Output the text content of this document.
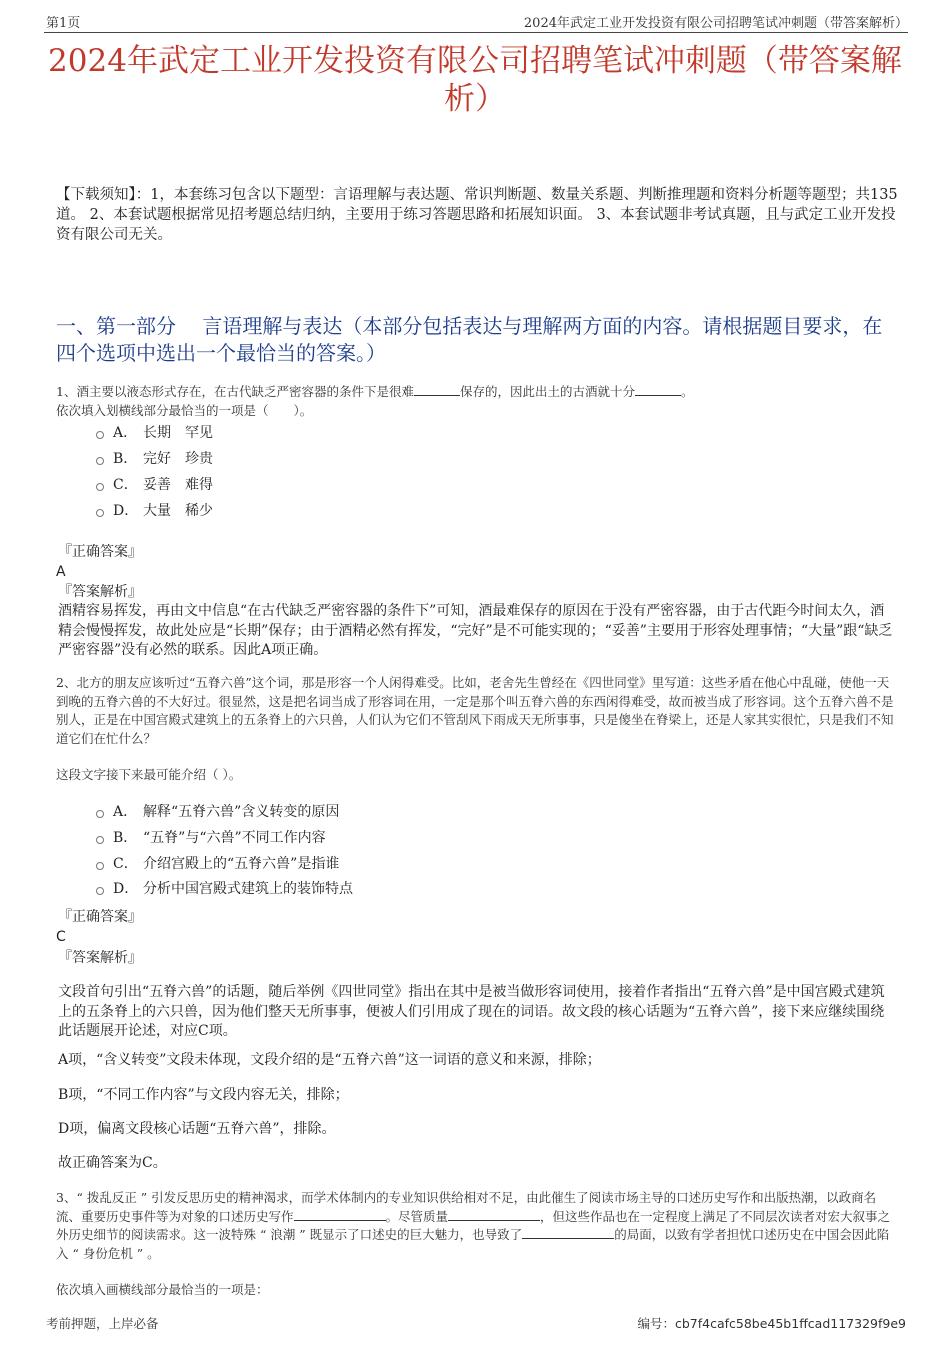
第1页	2024年武定工业开发投资有限公司招聘笔试冲刺题（带答案解析）
2024年武定工业开发投资有限公司招聘笔试冲刺题（带答案解析）
【下载须知】：1，本套练习包含以下题型：言语理解与表达题、常识判断题、数量关系题、判断推理题和资料分析题等题型；共135道。 2、本套试题根据常见招考题总结归纳，主要用于练习答题思路和拓展知识面。 3、本套试题非考试真题，且与武定工业开发投资有限公司无关。
一、第一部分　 言语理解与表达（本部分包括表达与理解两方面的内容。请根据题目要求，在四个选项中选出一个最恰当的答案。）
1、酒主要以液态形式存在，在古代缺乏严密容器的条件下是很难	保存的，因此出土的古酒就十分	。
依次填入划横线部分最恰当的一项是（　　）。
A． 长期　罕见
B． 完好　珍贵
C． 妥善　难得
D． 大量　稀少
『正确答案』
A
『答案解析』
酒精容易挥发，再由文中信息“在古代缺乏严密容器的条件下”可知，酒最难保存的原因在于没有严密容器，由于古代距今时间太久，酒精会慢慢挥发，故此处应是“长期”保存；由于酒精必然有挥发，“完好”是不可能实现的；“妥善”主要用于形容处理事情；“大量”跟“缺乏严密容器”没有必然的联系。因此A项正确。
2、北方的朋友应该听过“五脊六兽”这个词，那是形容一个人闲得难受。比如，老舍先生曾经在《四世同堂》里写道：这些矛盾在他心中乱碰，使他一天到晚的五脊六兽的不大好过。很显然，这是把名词当成了形容词在用，一定是那个叫五脊六兽的东西闲得难受，故而被当成了形容词。这个五脊六兽不是别人，正是在中国宫殿式建筑上的五条脊上的六只兽，人们认为它们不管刮风下雨成天无所事事，只是傻坐在脊梁上，还是人家其实很忙，只是我们不知道它们在忙什么？
这段文字接下来最可能介绍（ ）。
A． 解释“五脊六兽”含义转变的原因
B． “五脊”与“六兽”不同工作内容
C． 介绍宫殿上的“五脊六兽”是指谁
D． 分析中国宫殿式建筑上的装饰特点
『正确答案』
C
『答案解析』
文段首句引出“五脊六兽”的话题，随后举例《四世同堂》指出在其中是被当做形容词使用，接着作者指出“五脊六兽”是中国宫殿式建筑上的五条脊上的六只兽，因为他们整天无所事事，便被人们引用成了现在的词语。故文段的核心话题为“五脊六兽”，接下来应继续围绕此话题展开论述，对应C项。
A项，“含义转变”文段未体现，文段介绍的是“五脊六兽”这一词语的意义和来源，排除；
B项，“不同工作内容”与文段内容无关，排除；
D项，偏离文段核心话题“五脊六兽”，排除。
故正确答案为C。
3、“ 拨乱反正 ” 引发反思历史的精神渴求，而学术体制内的专业知识供给相对不足，由此催生了阅读市场主导的口述历史写作和出版热潮，以政商名流、重要历史事件等为对象的口述历史写作	。尽管质量	，但这些作品也在一定程度上满足了不同层次读者对宏大叙事之外历史细节的阅读需求。这一波特殊 “ 浪潮 ” 既显示了口述史的巨大魅力，也导致了	的局面，以致有学者担忧口述历史在中国会因此陷入 “ 身份危机 ” 。
依次填入画横线部分最恰当的一项是：
考前押题，上岸必备	编号：cb7f4cafc58be45b1ffcad117329f9e9
